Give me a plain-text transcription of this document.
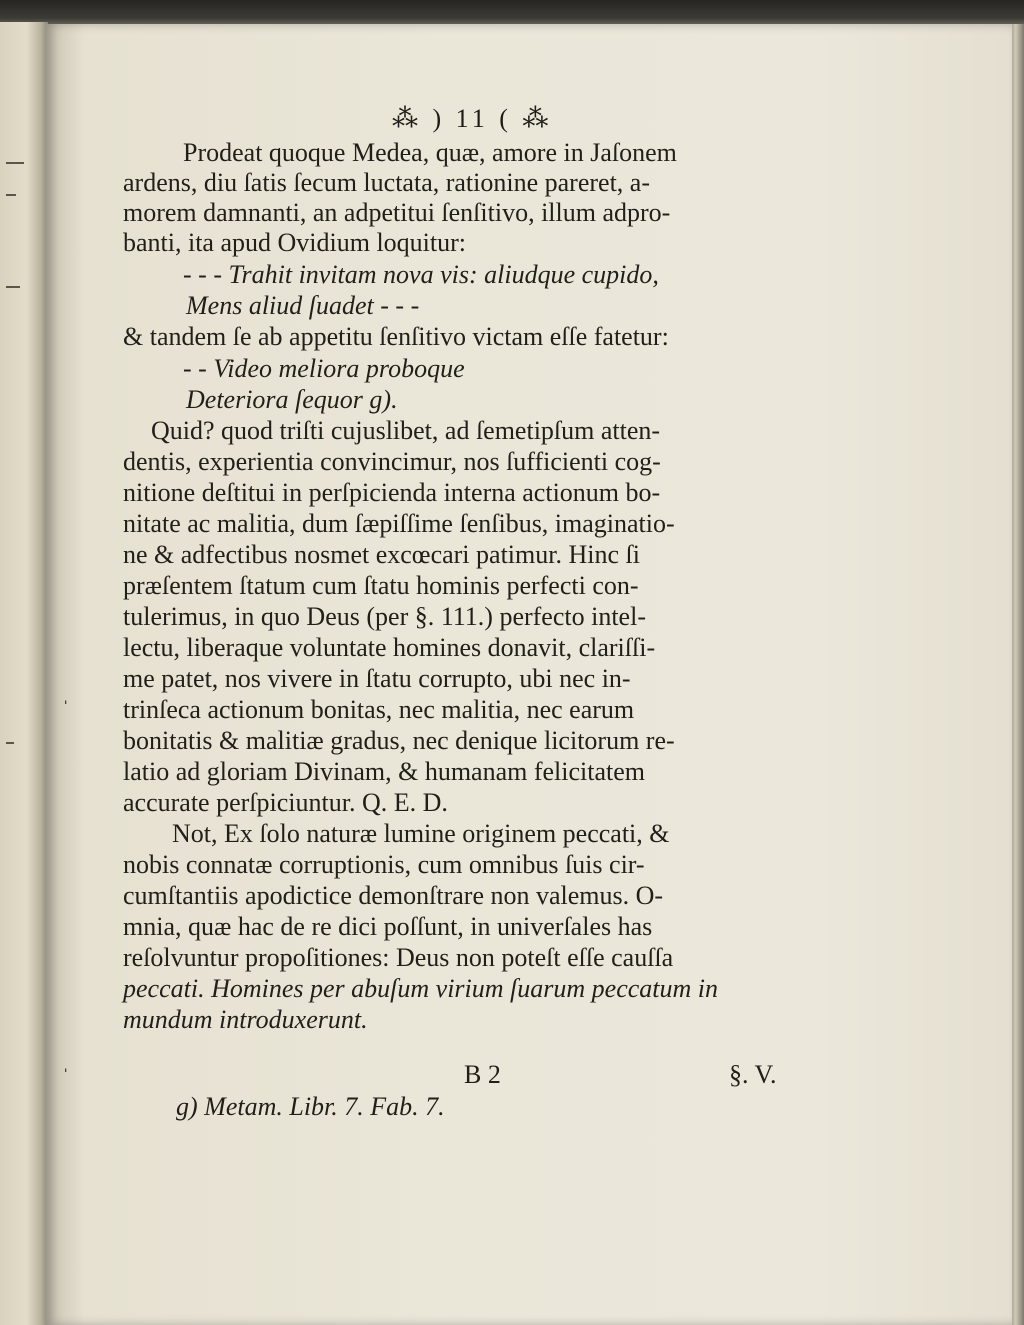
⁂ ) 11 ( ⁂
Prodeat quoque Medea, quæ, amore in Jaſonem
ardens, diu ſatis ſecum luctata, rationine pareret, a-
morem damnanti, an adpetitui ſenſitivo, illum adpro-
banti, ita apud Ovidium loquitur:
- - - Trahit invitam nova vis: aliudque cupido,
Mens aliud ſuadet - - -
& tandem ſe ab appetitu ſenſitivo victam eſſe fatetur:
- - Video meliora proboque
Deteriora ſequor g).
Quid? quod triſti cujuslibet, ad ſemetipſum atten-
dentis, experientia convincimur, nos ſufficienti cog-
nitione deſtitui in perſpicienda interna actionum bo-
nitate ac malitia, dum ſæpiſſime ſenſibus, imaginatio-
ne & adfectibus nosmet excœcari patimur. Hinc ſi
præſentem ſtatum cum ſtatu hominis perfecti con-
tulerimus, in quo Deus (per §. 111.) perfecto intel-
lectu, liberaque voluntate homines donavit, clariſſi-
me patet, nos vivere in ſtatu corrupto, ubi nec in-
trinſeca actionum bonitas, nec malitia, nec earum
bonitatis & malitiæ gradus, nec denique licitorum re-
latio ad gloriam Divinam, & humanam felicitatem
accurate perſpiciuntur. Q. E. D.
Not, Ex ſolo naturæ lumine originem peccati, &
nobis connatæ corruptionis, cum omnibus ſuis cir-
cumſtantiis apodictice demonſtrare non valemus. O-
mnia, quæ hac de re dici poſſunt, in univerſales has
reſolvuntur propoſitiones: Deus non poteſt eſſe cauſſa
peccati. Homines per abuſum virium ſuarum peccatum in
mundum introduxerunt.
B 2	§. V.
g) Metam. Libr. 7. Fab. 7.
ˈ
ˈ
